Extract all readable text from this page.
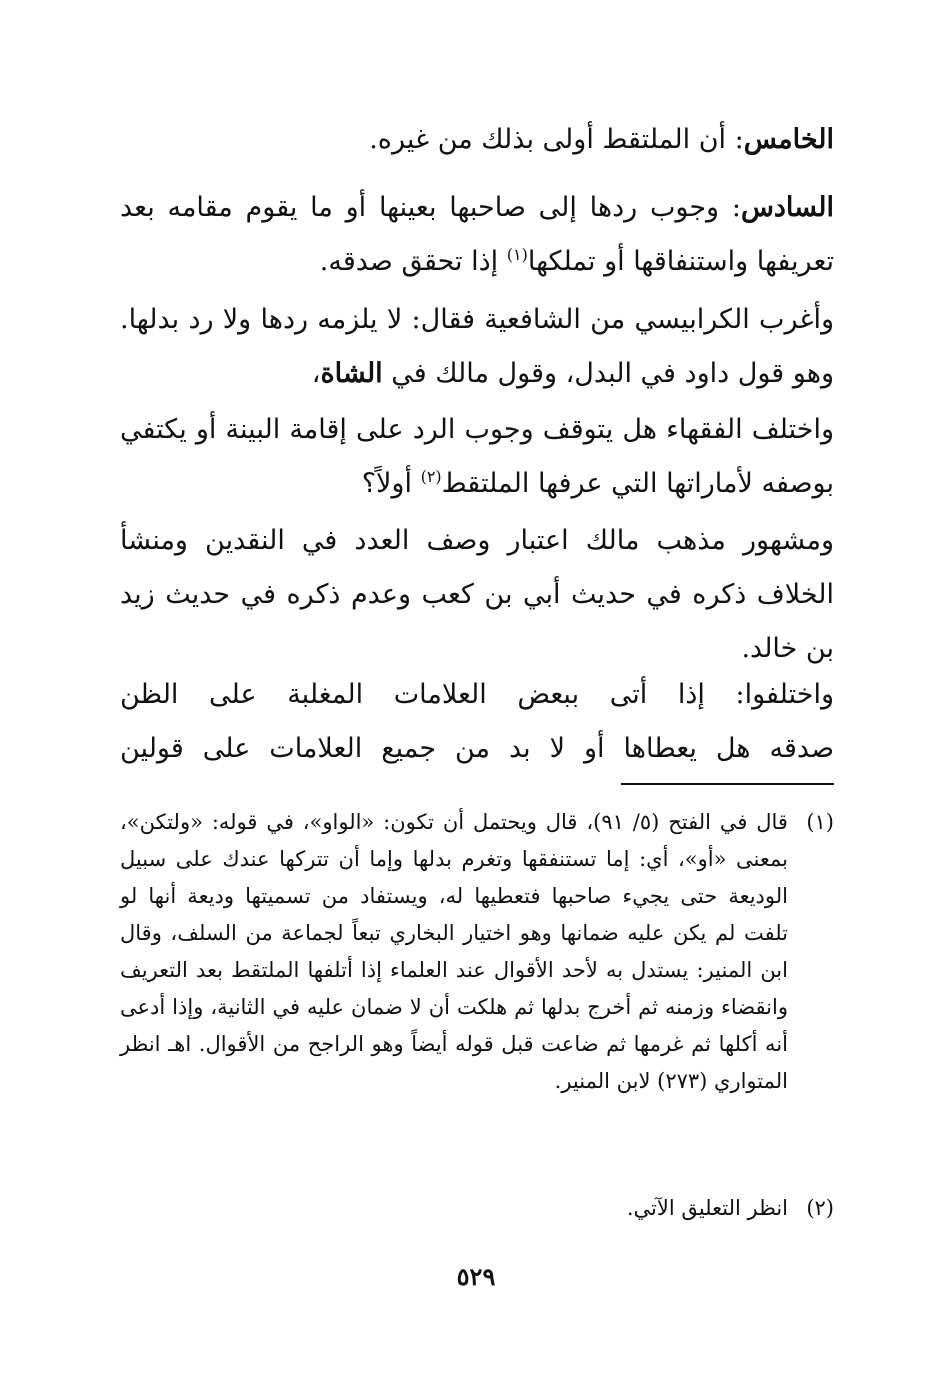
الخامس: أن الملتقط أولى بذلك من غيره.

السادس: وجوب ردها إلى صاحبها بعينها أو ما يقوم مقامه بعد تعريفها واستنفاقها أو تملكها$^{(١)}$ إذا تحقق صدقه.

وأغرب الكرابيسي من الشافعية فقال: لا يلزمه ردها ولا رد بدلها. وهو قول داود في البدل، وقول مالك في الشاة،

واختلف الفقهاء هل يتوقف وجوب الرد على إقامة البينة أو يكتفي بوصفه لأماراتها التي عرفها الملتقط$^{(٢)}$ أولاً؟

ومشهور مذهب مالك اعتبار وصف العدد في النقدين ومنشأ الخلاف ذكره في حديث أبي بن كعب وعدم ذكره في حديث زيد بن خالد.

واختلفوا: إذا أتى ببعض العلامات المغلبة على الظن

صدقه هل يعطاها أو لا بد من جميع العلامات على قولين

(١)
قال في الفتح (٥/ ٩١)، قال ويحتمل أن تكون: «الواو»، في قوله: «ولتكن»، بمعنى «أو»، أي: إما تستنفقها وتغرم بدلها وإما أن تتركها عندك على سبيل الوديعة حتى يجيء صاحبها فتعطيها له، ويستفاد من تسميتها وديعة أنها لو تلفت لم يكن عليه ضمانها وهو اختيار البخاري تبعاً لجماعة من السلف، وقال ابن المنير: يستدل به لأحد الأقوال عند العلماء إذا أتلفها الملتقط بعد التعريف وانقضاء وزمنه ثم أخرج بدلها ثم هلكت أن لا ضمان عليه في الثانية، وإذا أدعى أنه أكلها ثم غرمها ثم ضاعت قبل قوله أيضاً وهو الراجح من الأقوال. اهـ انظر المتواري (٢٧٣) لابن المنير.
(٢)
انظر التعليق الآتي.
٥٢٩
